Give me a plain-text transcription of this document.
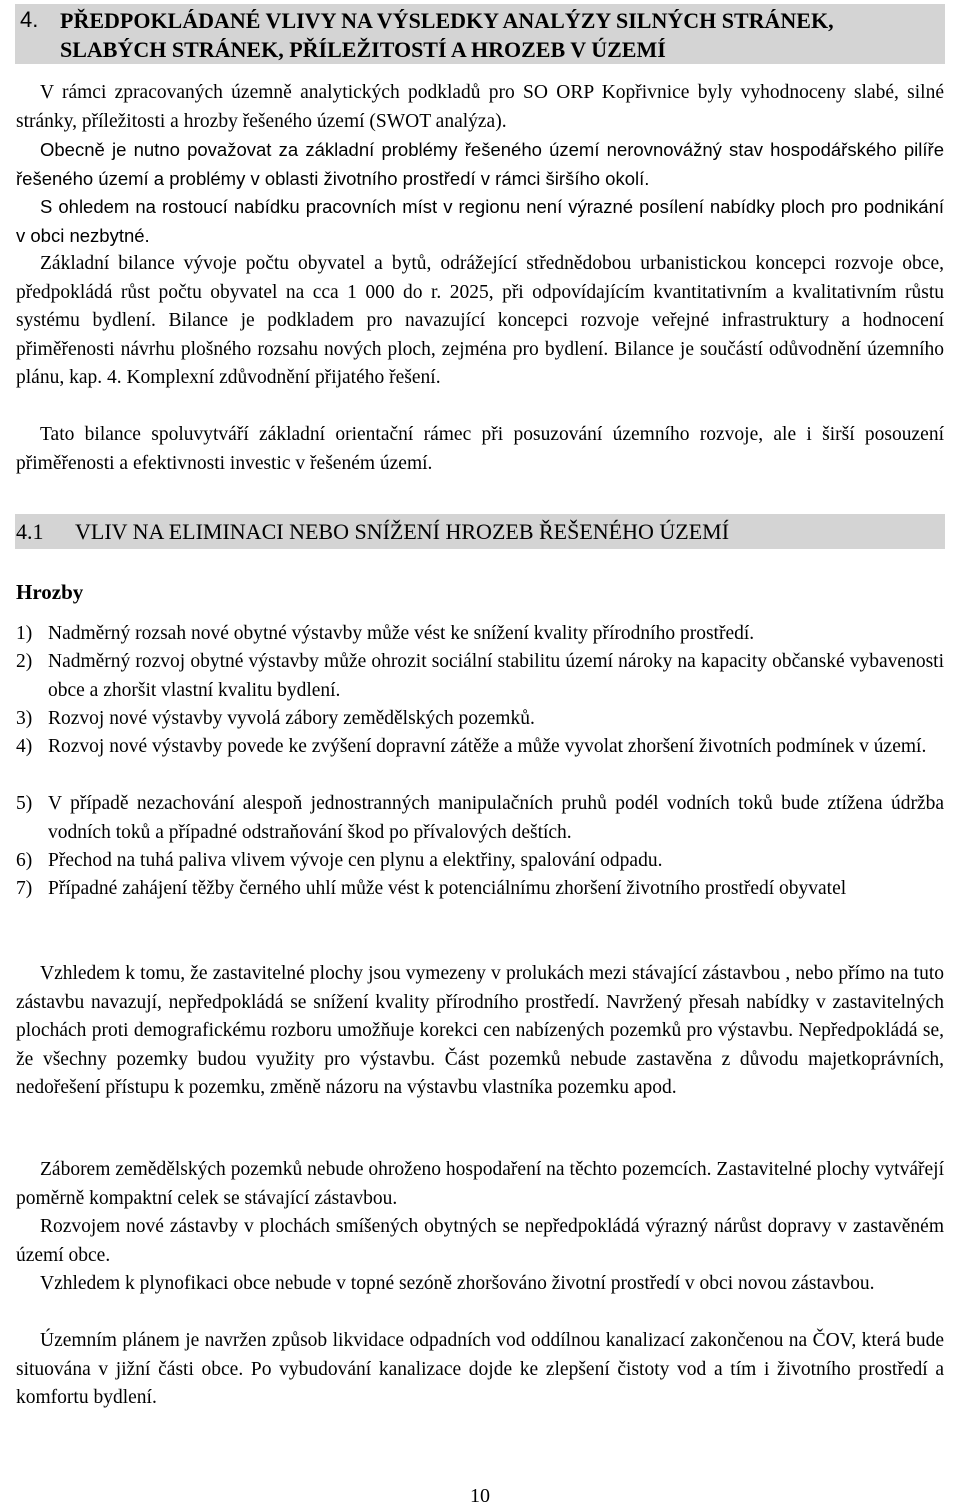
4. PŘEDPOKLÁDANÉ VLIVY NA VÝSLEDKY ANALÝZY SILNÝCH STRÁNEK, SLABÝCH STRÁNEK, PŘÍLEŽITOSTÍ A HROZEB V ÚZEMÍ
V rámci zpracovaných územně analytických podkladů pro SO ORP Kopřivnice byly vyhodnoceny slabé, silné stránky, příležitosti a hrozby řešeného území (SWOT analýza).
Obecně je nutno považovat za základní problémy řešeného území nerovnovážný stav hospodářského pilíře řešeného území a problémy v oblasti životního prostředí v rámci širšího okolí.
S ohledem na rostoucí nabídku pracovních míst v regionu není výrazné posílení nabídky ploch pro podnikání v obci nezbytné.
Základní bilance vývoje počtu obyvatel a bytů, odrážející střednědobou urbanistickou koncepci rozvoje obce, předpokládá růst počtu obyvatel na cca 1 000 do r. 2025, při odpovídajícím kvantitativním a kvalitativním růstu systému bydlení. Bilance je podkladem pro navazující koncepci rozvoje veřejné infrastruktury a hodnocení přiměřenosti návrhu plošného rozsahu nových ploch, zejména pro bydlení. Bilance je součástí odůvodnění územního plánu, kap. 4. Komplexní zdůvodnění přijatého řešení.
Tato bilance spoluvytváří základní orientační rámec při posuzování územního rozvoje, ale i širší posouzení přiměřenosti a efektivnosti investic v řešeném území.
4.1 VLIV NA ELIMINACI NEBO SNÍŽENÍ HROZEB ŘEŠENÉHO ÚZEMÍ
Hrozby
1) Nadměrný rozsah nové obytné výstavby může vést ke snížení kvality přírodního prostředí.
2) Nadměrný rozvoj obytné výstavby může ohrozit sociální stabilitu území nároky na kapacity občanské vybavenosti obce a zhoršit vlastní kvalitu bydlení.
3) Rozvoj nové výstavby vyvolá zábory zemědělských pozemků.
4) Rozvoj nové výstavby povede ke zvýšení dopravní zátěže a může vyvolat zhoršení životních podmínek v území.
5) V případě nezachování alespoň jednostranných manipulačních pruhů podél vodních toků bude ztížena údržba vodních toků a případné odstraňování škod po přívalových deštích.
6) Přechod na tuhá paliva vlivem vývoje cen plynu a elektřiny, spalování odpadu.
7) Případné zahájení těžby černého uhlí může vést k potenciálnímu zhoršení životního prostředí obyvatel
Vzhledem k tomu, že zastavitelné plochy jsou vymezeny v prolukách mezi stávající zástavbou , nebo přímo na tuto zástavbu navazují, nepředpokládá se snížení kvality přírodního prostředí. Navržený přesah nabídky v zastavitelných plochách proti demografickému rozboru umožňuje korekci cen nabízených pozemků pro výstavbu. Nepředpokládá se, že všechny pozemky budou využity pro výstavbu. Část pozemků nebude zastavěna z důvodu majetkoprávních, nedořešení přístupu k pozemku, změně názoru na výstavbu vlastníka pozemku apod.
Záborem zemědělských pozemků nebude ohroženo hospodaření na těchto pozemcích. Zastavitelné plochy vytvářejí poměrně kompaktní celek se stávající zástavbou.
Rozvojem nové zástavby v plochách smíšených obytných se nepředpokládá výrazný nárůst dopravy v zastavěném území obce.
Vzhledem k plynofikaci obce nebude v topné sezóně zhoršováno životní prostředí v obci novou zástavbou.
Územním plánem je navržen způsob likvidace odpadních vod oddílnou kanalizací zakončenou na ČOV, která bude situována v jižní části obce. Po vybudování kanalizace dojde ke zlepšení čistoty vod a tím i životního prostředí a komfortu bydlení.
10
